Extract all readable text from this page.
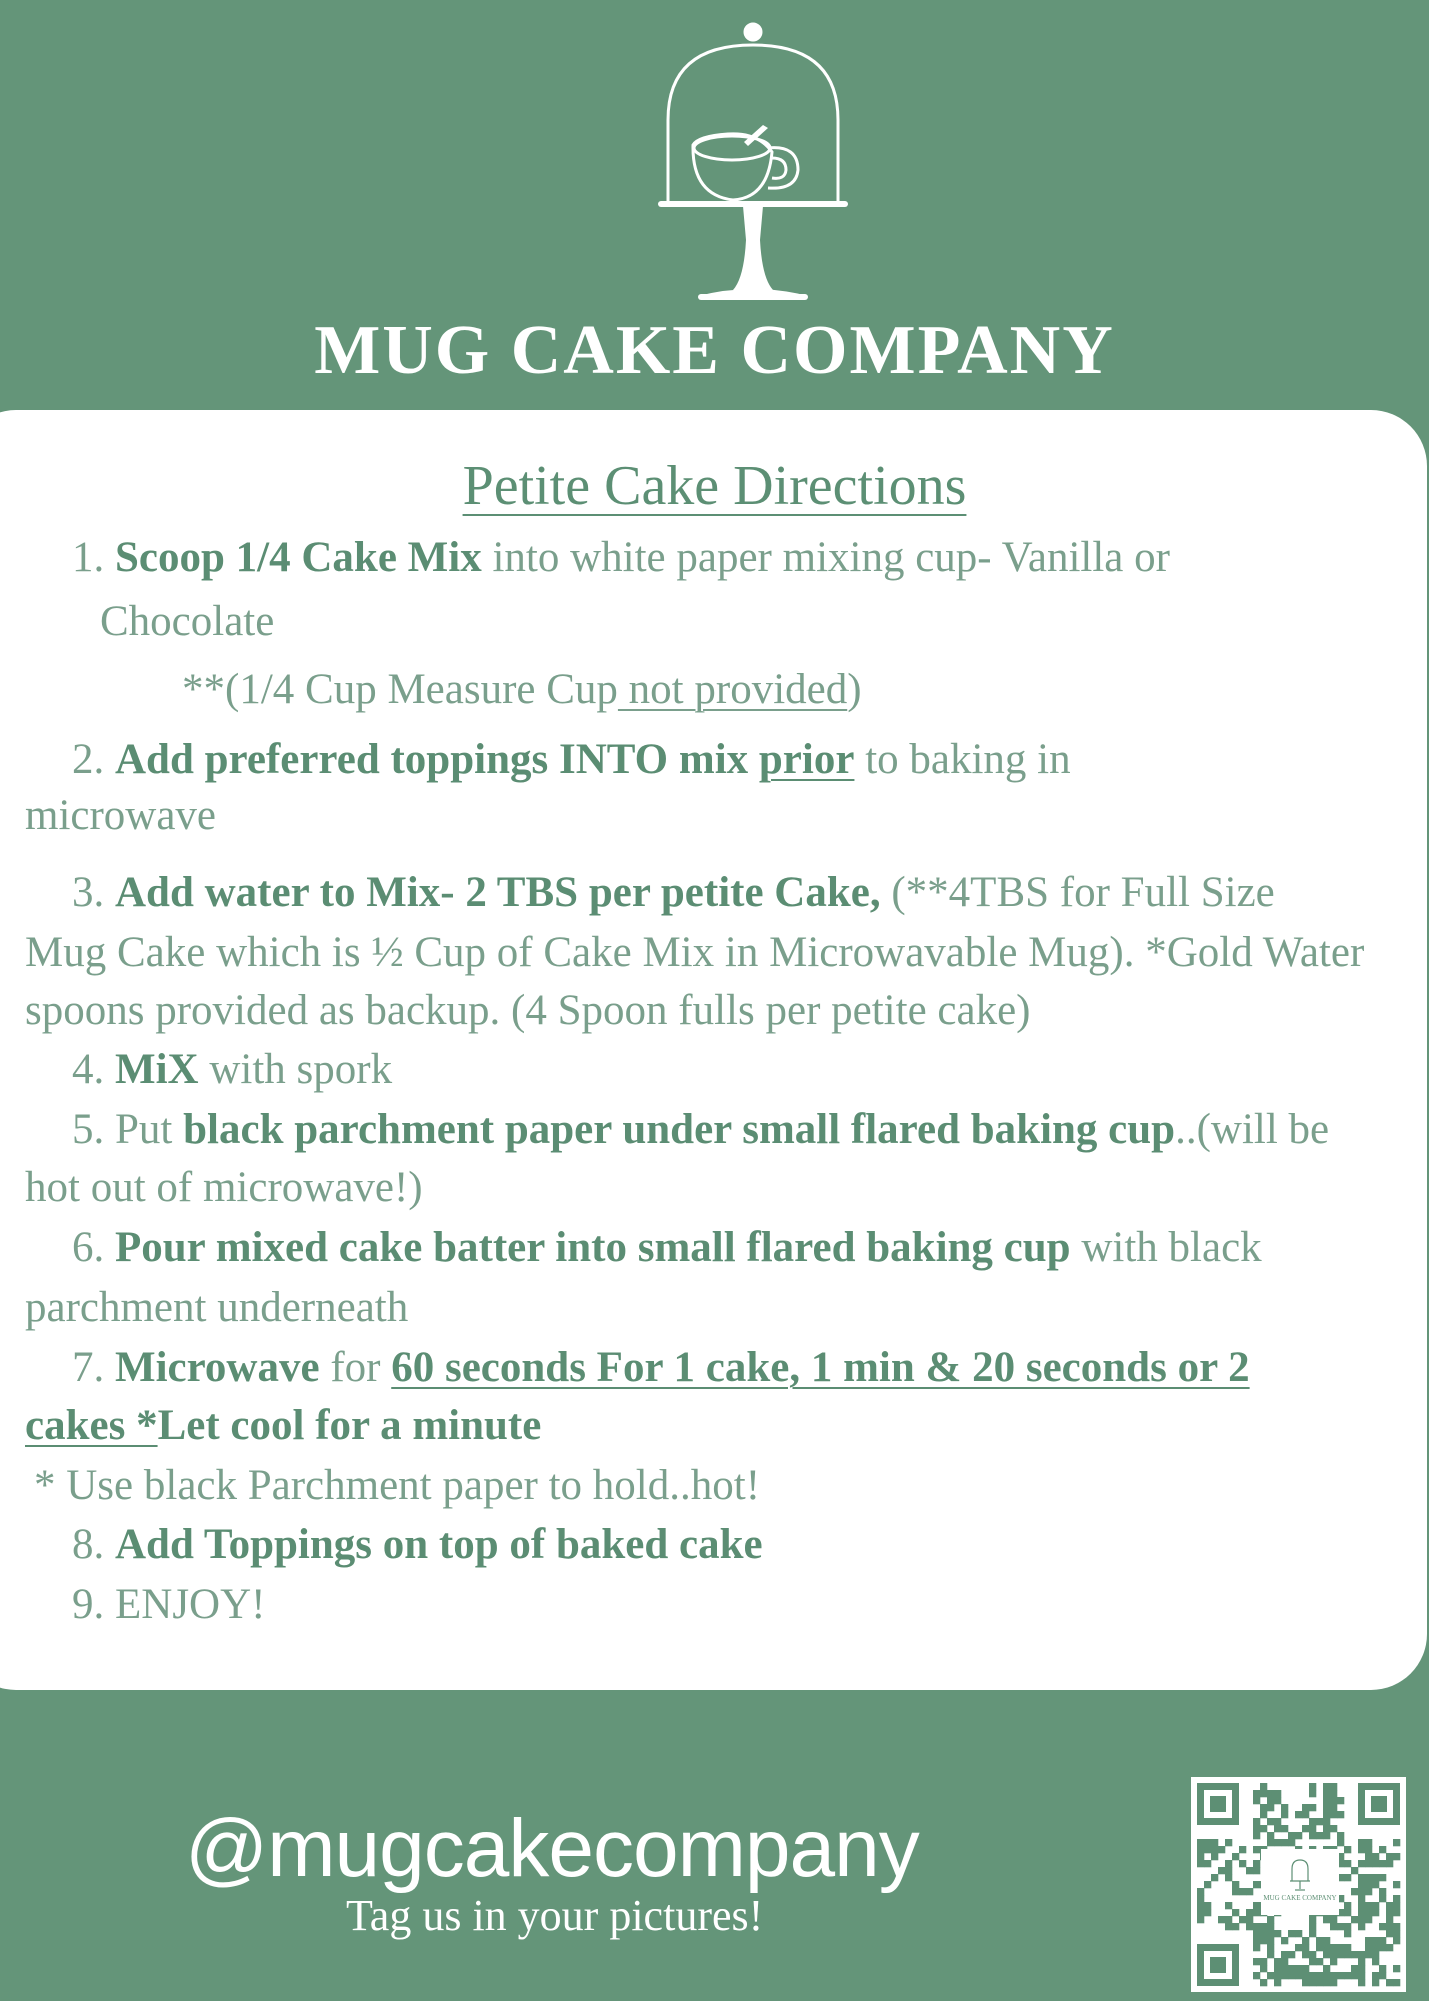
MUG CAKE COMPANY
Petite Cake Directions
1. Scoop 1/4 Cake Mix into white paper mixing cup- Vanilla or
Chocolate
**(1/4 Cup Measure Cup not provided)
2. Add preferred toppings INTO mix prior to baking in
microwave
3. Add water to Mix- 2 TBS per petite Cake, (**4TBS for Full Size
Mug Cake which is ½ Cup of Cake Mix in Microwavable Mug). *Gold Water
spoons provided as backup. (4 Spoon fulls per petite cake)
4. MiX with spork
5. Put black parchment paper under small flared baking cup..(will be
hot out of microwave!)
6. Pour mixed cake batter into small flared baking cup with black
parchment underneath
7. Microwave for 60 seconds For 1 cake, 1 min & 20 seconds or 2
cakes *Let cool for a minute
* Use black Parchment paper to hold..hot!
8. Add Toppings on top of baked cake
9. ENJOY!
@mugcakecompany
Tag us in your pictures!	MUG CAKE COMPANY
